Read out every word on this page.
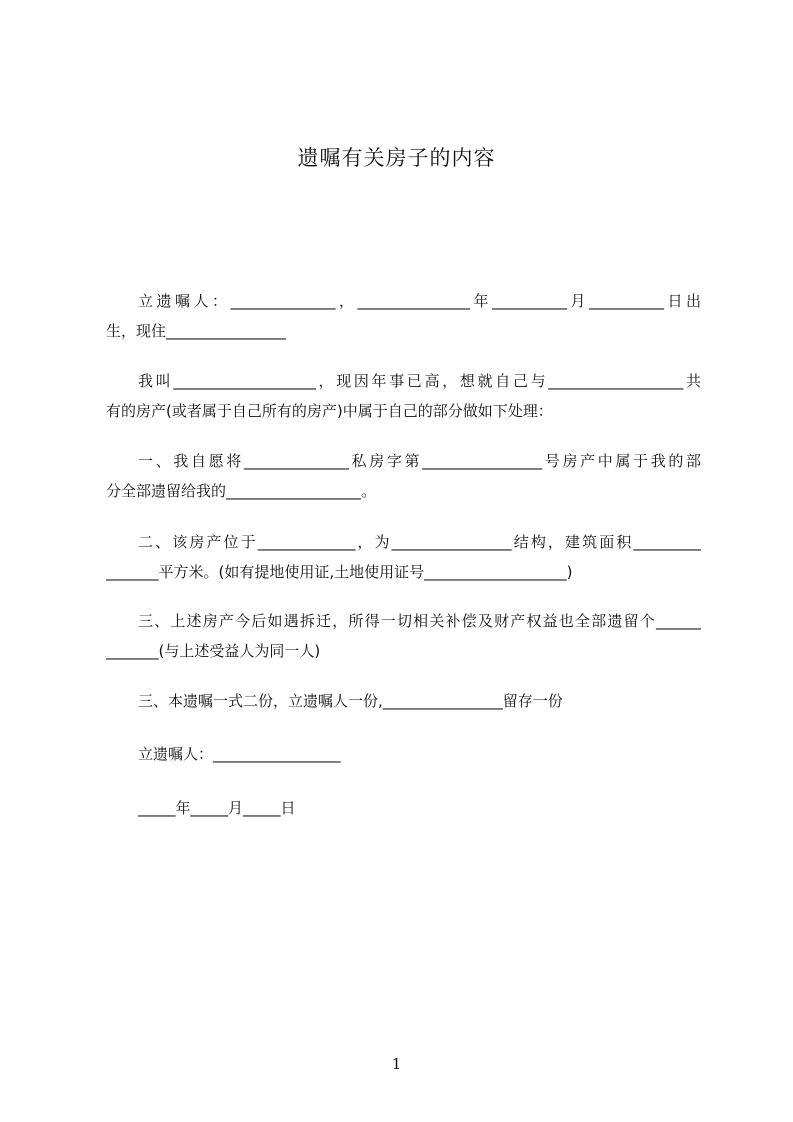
遗嘱有关房子的内容

立遗嘱人：______________，_______________年__________月__________日出
生，现住________________

我叫___________________，现因年事已高，想就自己与__________________共
有的房产(或者属于自己所有的房产)中属于自己的部分做如下处理：

一、我自愿将______________私房字第________________号房产中属于我的部
分全部遗留给我的__________________。

二、该房产位于_____________，为________________结构，建筑面积_________
_______平方米。(如有提地使用证,土地使用证号___________________)

三、上述房产今后如遇拆迁，所得一切相关补偿及财产权益也全部遗留个______
_______(与上述受益人为同一人)

三、本遗嘱一式二份，立遗嘱人一份,________________留存一份

立遗嘱人：_________________

_____年_____月_____日

1
